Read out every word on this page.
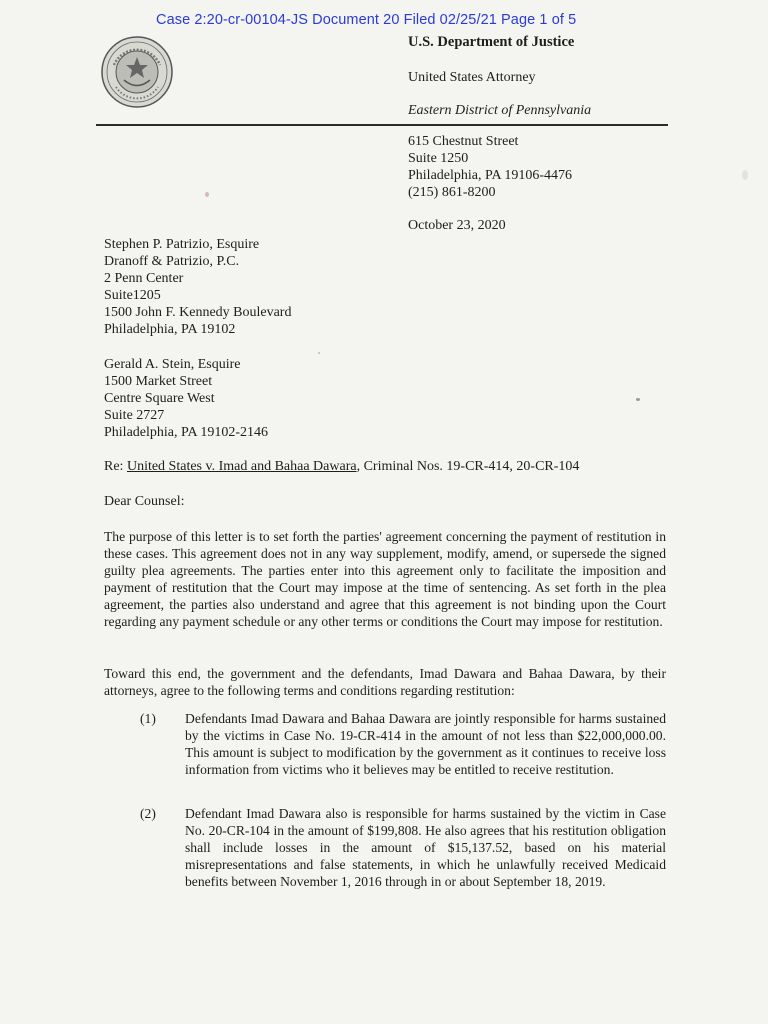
Case 2:20-cr-00104-JS Document 20 Filed 02/25/21 Page 1 of 5
U.S. Department of Justice
United States Attorney
Eastern District of Pennsylvania
615 Chestnut Street
Suite 1250
Philadelphia, PA 19106-4476
(215) 861-8200
October 23, 2020
Stephen P. Patrizio, Esquire
Dranoff & Patrizio, P.C.
2 Penn Center
Suite1205
1500 John F. Kennedy Boulevard
Philadelphia, PA 19102
Gerald A. Stein, Esquire
1500 Market Street
Centre Square West
Suite 2727
Philadelphia, PA 19102-2146
Re: United States v. Imad and Bahaa Dawara, Criminal Nos. 19-CR-414, 20-CR-104
Dear Counsel:
The purpose of this letter is to set forth the parties' agreement concerning the payment of restitution in these cases. This agreement does not in any way supplement, modify, amend, or supersede the signed guilty plea agreements. The parties enter into this agreement only to facilitate the imposition and payment of restitution that the Court may impose at the time of sentencing. As set forth in the plea agreement, the parties also understand and agree that this agreement is not binding upon the Court regarding any payment schedule or any other terms or conditions the Court may impose for restitution.
Toward this end, the government and the defendants, Imad Dawara and Bahaa Dawara, by their attorneys, agree to the following terms and conditions regarding restitution:
(1) Defendants Imad Dawara and Bahaa Dawara are jointly responsible for harms sustained by the victims in Case No. 19-CR-414 in the amount of not less than $22,000,000.00. This amount is subject to modification by the government as it continues to receive loss information from victims who it believes may be entitled to receive restitution.
(2) Defendant Imad Dawara also is responsible for harms sustained by the victim in Case No. 20-CR-104 in the amount of $199,808. He also agrees that his restitution obligation shall include losses in the amount of $15,137.52, based on his material misrepresentations and false statements, in which he unlawfully received Medicaid benefits between November 1, 2016 through in or about September 18, 2019.
